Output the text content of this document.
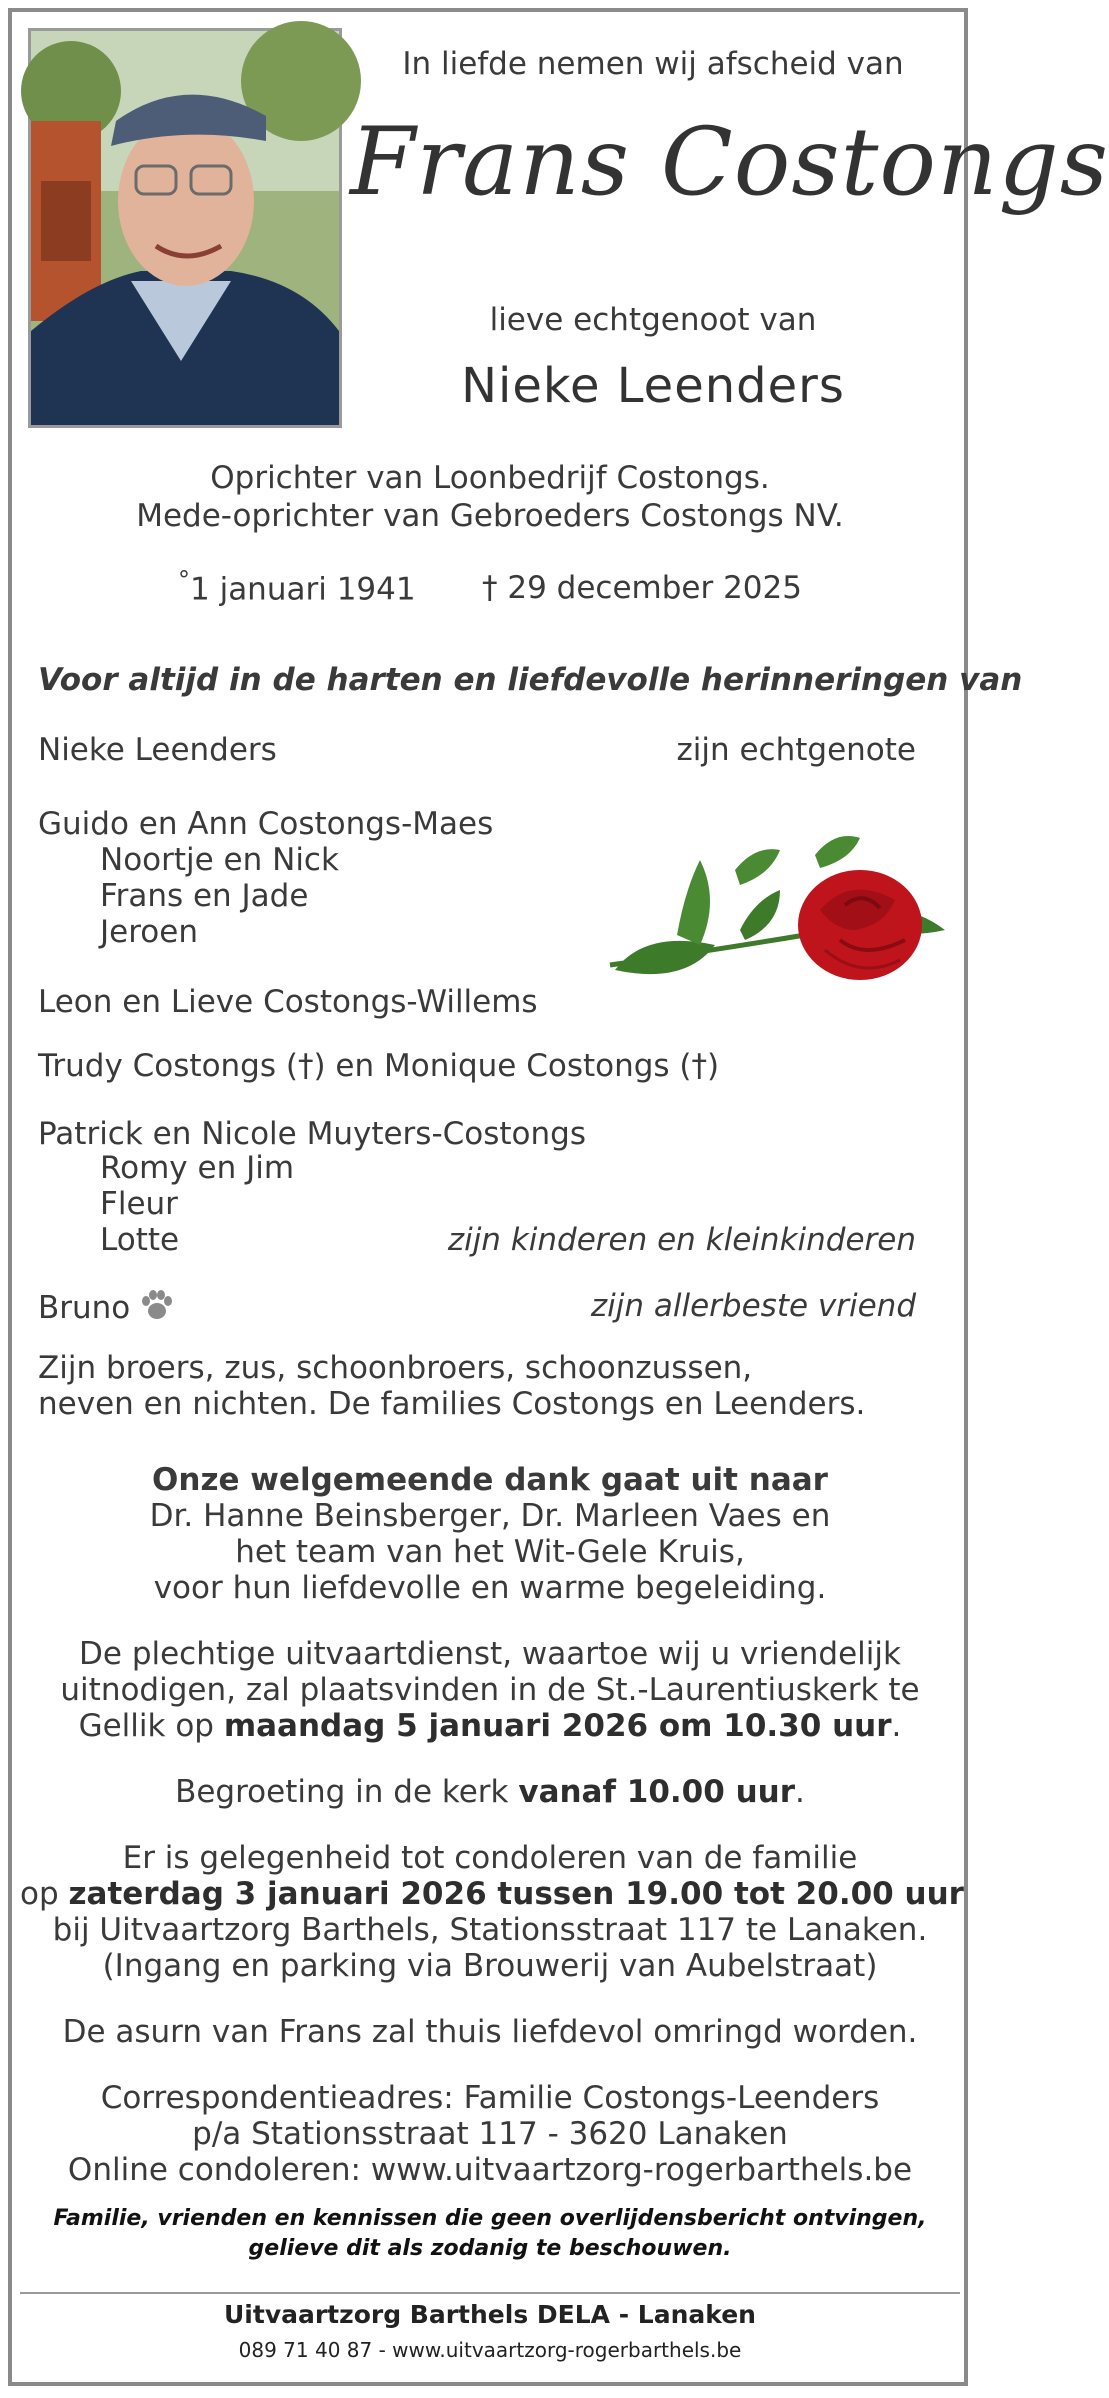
In liefde nemen wij afscheid van
Frans Costongs
lieve echtgenoot van
Nieke Leenders
Oprichter van Loonbedrijf Costongs.
Mede-oprichter van Gebroeders Costongs NV.
°1 januari 1941 † 29 december 2025
Voor altijd in de harten en liefdevolle herinneringen van
Nieke Leenders	zijn echtgenote
Guido en Ann Costongs-Maes
Noortje en Nick
Frans en Jade
Jeroen
Leon en Lieve Costongs-Willems
Trudy Costongs (†) en Monique Costongs (†)
Patrick en Nicole Muyters-Costongs
Romy en Jim
Fleur
Lotte	zijn kinderen en kleinkinderen
Bruno	zijn allerbeste vriend
Zijn broers, zus, schoonbroers, schoonzussen,
neven en nichten. De families Costongs en Leenders.
Onze welgemeende dank gaat uit naar
Dr. Hanne Beinsberger, Dr. Marleen Vaes en
het team van het Wit-Gele Kruis,
voor hun liefdevolle en warme begeleiding.
De plechtige uitvaartdienst, waartoe wij u vriendelijk
uitnodigen, zal plaatsvinden in de St.-Laurentiuskerk te
Gellik op maandag 5 januari 2026 om 10.30 uur.
Begroeting in de kerk vanaf 10.00 uur.
Er is gelegenheid tot condoleren van de familie
op zaterdag 3 januari 2026 tussen 19.00 tot 20.00 uur
bij Uitvaartzorg Barthels, Stationsstraat 117 te Lanaken.
(Ingang en parking via Brouwerij van Aubelstraat)
De asurn van Frans zal thuis liefdevol omringd worden.
Correspondentieadres: Familie Costongs-Leenders
p/a Stationsstraat 117 - 3620 Lanaken
Online condoleren: www.uitvaartzorg-rogerbarthels.be
Familie, vrienden en kennissen die geen overlijdensbericht ontvingen,
gelieve dit als zodanig te beschouwen.
Uitvaartzorg Barthels DELA - Lanaken
089 71 40 87 - www.uitvaartzorg-rogerbarthels.be
